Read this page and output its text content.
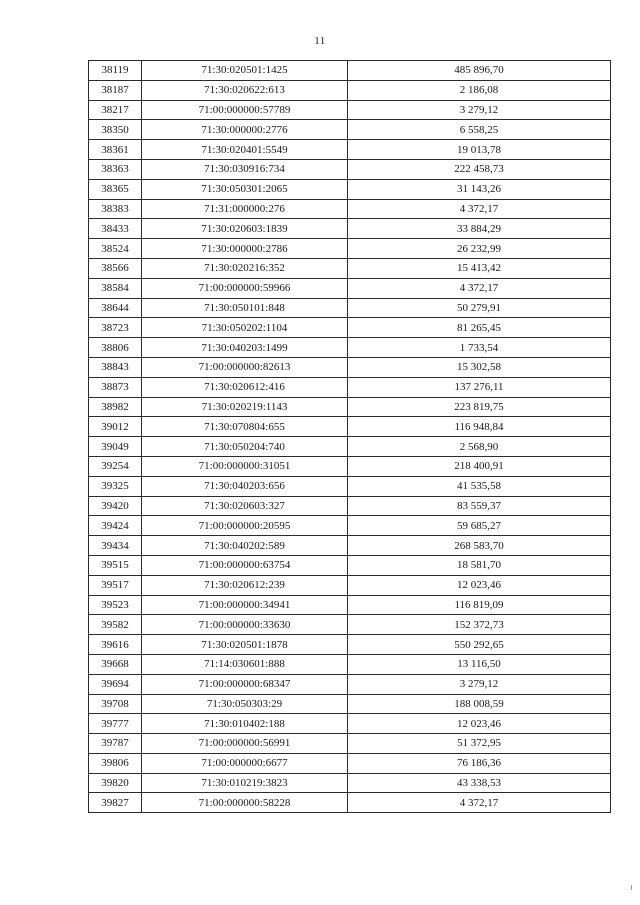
11
38119	71:30:020501:1425	485 896,70
38187	71:30:020622:613	2 186,08
38217	71:00:000000:57789	3 279,12
38350	71:30:000000:2776	6 558,25
38361	71:30:020401:5549	19 013,78
38363	71:30:030916:734	222 458,73
38365	71:30:050301:2065	31 143,26
38383	71:31:000000:276	4 372,17
38433	71:30:020603:1839	33 884,29
38524	71:30:000000:2786	26 232,99
38566	71:30:020216:352	15 413,42
38584	71:00:000000:59966	4 372,17
38644	71:30:050101:848	50 279,91
38723	71:30:050202:1104	81 265,45
38806	71:30:040203:1499	1 733,54
38843	71:00:000000:82613	15 302,58
38873	71:30:020612:416	137 276,11
38982	71:30:020219:1143	223 819,75
39012	71:30:070804:655	116 948,84
39049	71:30:050204:740	2 568,90
39254	71:00:000000:31051	218 400,91
39325	71:30:040203:656	41 535,58
39420	71:30:020603:327	83 559,37
39424	71:00:000000:20595	59 685,27
39434	71:30:040202:589	268 583,70
39515	71:00:000000:63754	18 581,70
39517	71:30:020612:239	12 023,46
39523	71:00:000000:34941	116 819,09
39582	71:00:000000:33630	152 372,73
39616	71:30:020501:1878	550 292,65
39668	71:14:030601:888	13 116,50
39694	71:00:000000:68347	3 279,12
39708	71:30:050303:29	188 008,59
39777	71:30:010402:188	12 023,46
39787	71:00:000000:56991	51 372,95
39806	71:00:000000:6677	76 186,36
39820	71:30:010219:3823	43 338,53
39827	71:00:000000:58228	4 372,17
